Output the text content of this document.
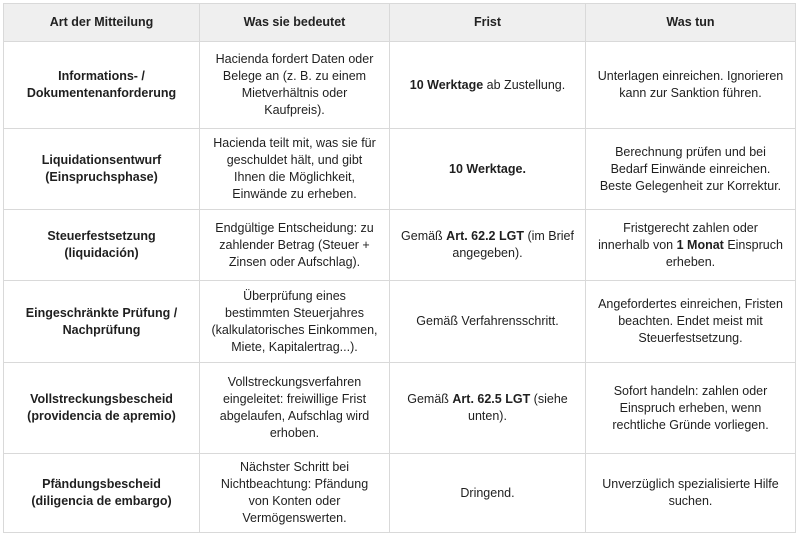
Art der Mitteilung	Was sie bedeutet	Frist	Was tun
Informations- / Dokumentenanforderung	Hacienda fordert Daten oder Belege an (z. B. zu einem Mietverhältnis oder Kaufpreis).	10 Werktage ab Zustellung.	Unterlagen einreichen. Ignorieren kann zur Sanktion führen.
Liquidationsentwurf (Einspruchsphase)	Hacienda teilt mit, was sie für geschuldet hält, und gibt Ihnen die Möglichkeit, Einwände zu erheben.	10 Werktage.	Berechnung prüfen und bei Bedarf Einwände einreichen. Beste Gelegenheit zur Korrektur.
Steuerfestsetzung (liquidación)	Endgültige Entscheidung: zu zahlender Betrag (Steuer + Zinsen oder Aufschlag).	Gemäß Art. 62.2 LGT (im Brief angegeben).	Fristgerecht zahlen oder innerhalb von 1 Monat Einspruch erheben.
Eingeschränkte Prüfung / Nachprüfung	Überprüfung eines bestimmten Steuerjahres (kalkulatorisches Einkommen, Miete, Kapitalertrag...).	Gemäß Verfahrensschritt.	Angefordertes einreichen, Fristen beachten. Endet meist mit Steuerfestsetzung.
Vollstreckungsbescheid (providencia de apremio)	Vollstreckungsverfahren eingeleitet: freiwillige Frist abgelaufen, Aufschlag wird erhoben.	Gemäß Art. 62.5 LGT (siehe unten).	Sofort handeln: zahlen oder Einspruch erheben, wenn rechtliche Gründe vorliegen.
Pfändungsbescheid (diligencia de embargo)	Nächster Schritt bei Nichtbeachtung: Pfändung von Konten oder Vermögenswerten.	Dringend.	Unverzüglich spezialisierte Hilfe suchen.
